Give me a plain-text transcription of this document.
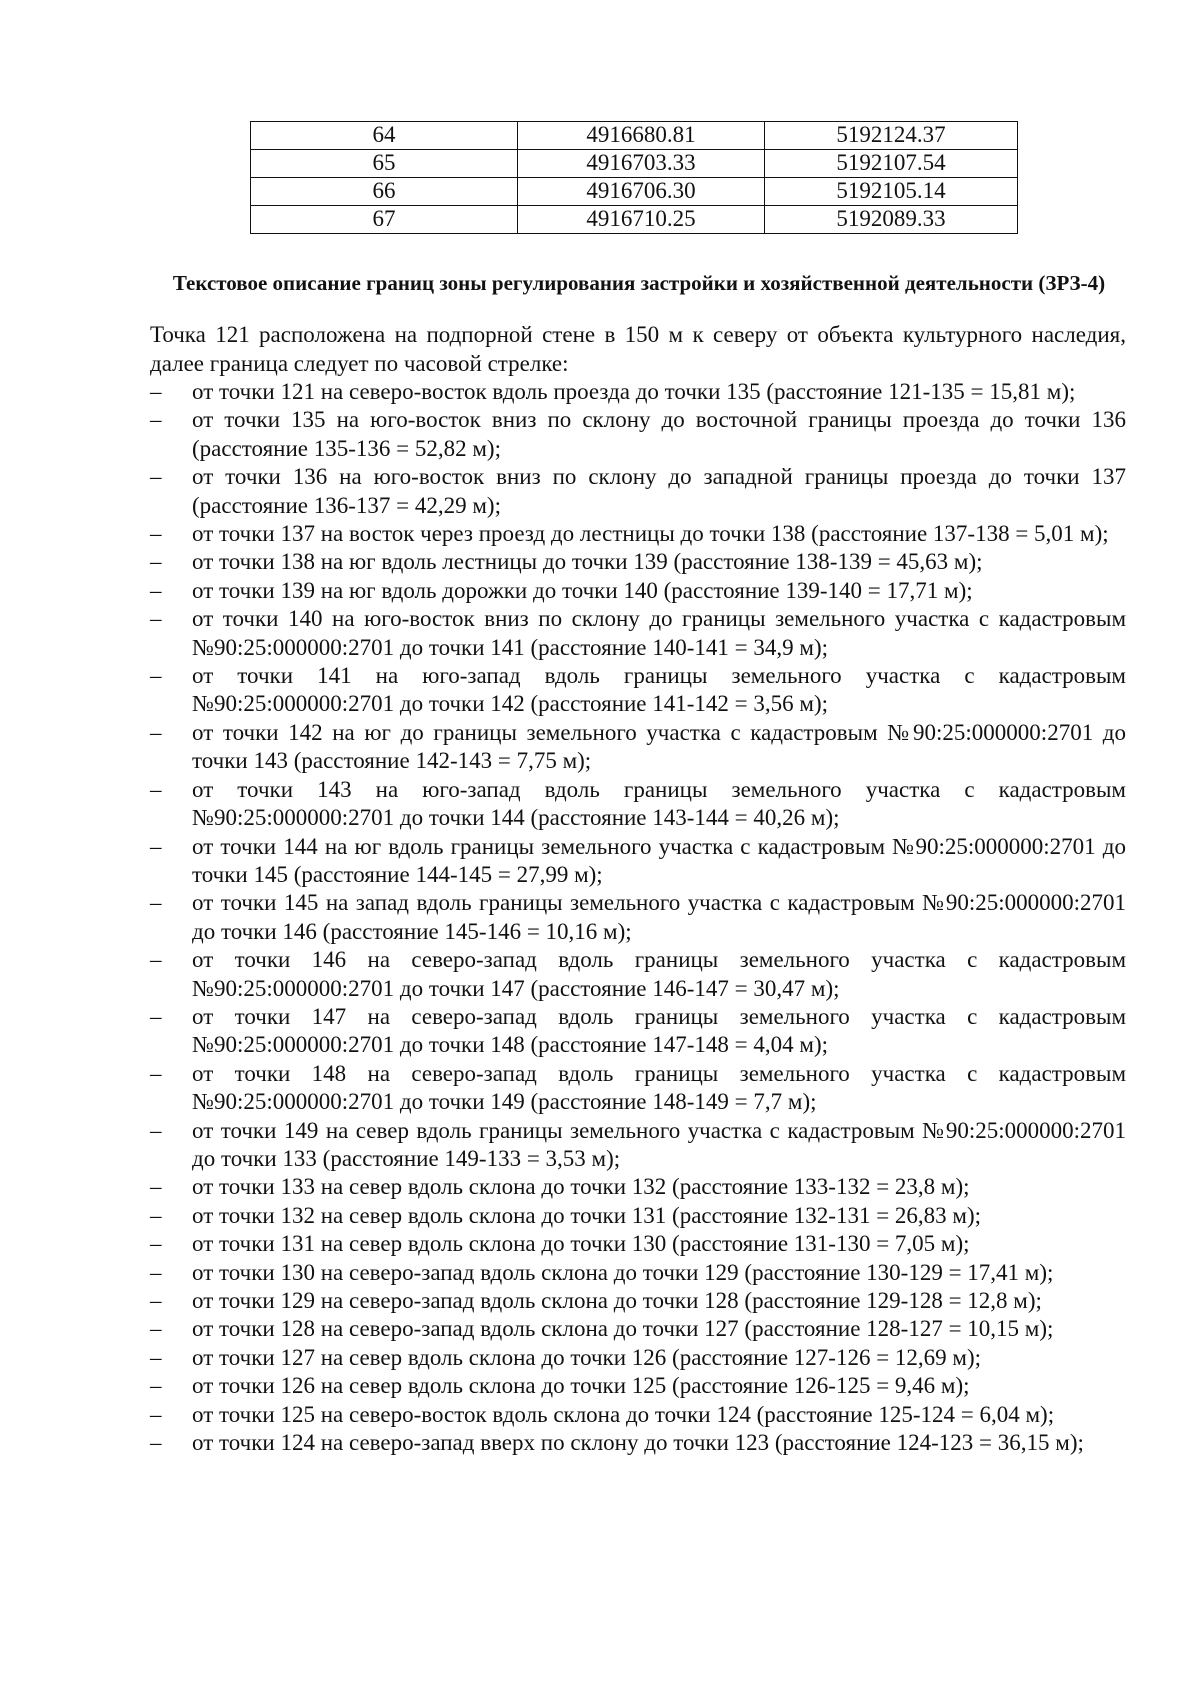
64	4916680.81	5192124.37
65	4916703.33	5192107.54
66	4916706.30	5192105.14
67	4916710.25	5192089.33
Текстовое описание границ зоны регулирования застройки и хозяйственной деятельности (ЗРЗ-4)
Точка 121 расположена на подпорной стене в 150 м к северу от объекта культурного наследия, далее граница следует по часовой стрелке:
– от точки 121 на северо-восток вдоль проезда до точки 135 (расстояние 121-135 = 15,81 м);
– от точки 135 на юго-восток вниз по склону до восточной границы проезда до точки 136 (расстояние 135-136 = 52,82 м);
– от точки 136 на юго-восток вниз по склону до западной границы проезда до точки 137 (расстояние 136-137 = 42,29 м);
– от точки 137 на восток через проезд до лестницы до точки 138 (расстояние 137-138 = 5,01 м);
– от точки 138 на юг вдоль лестницы до точки 139 (расстояние 138-139 = 45,63 м);
– от точки 139 на юг вдоль дорожки до точки 140 (расстояние 139-140 = 17,71 м);
– от точки 140 на юго-восток вниз по склону до границы земельного участка с кадастровым №90:25:000000:2701 до точки 141 (расстояние 140-141 = 34,9 м);
– от точки 141 на юго-запад вдоль границы земельного участка с кадастровым №90:25:000000:2701 до точки 142 (расстояние 141-142 = 3,56 м);
– от точки 142 на юг до границы земельного участка с кадастровым №90:25:000000:2701 до точки 143 (расстояние 142-143 = 7,75 м);
– от точки 143 на юго-запад вдоль границы земельного участка с кадастровым №90:25:000000:2701 до точки 144 (расстояние 143-144 = 40,26 м);
– от точки 144 на юг вдоль границы земельного участка с кадастровым №90:25:000000:2701 до точки 145 (расстояние 144-145 = 27,99 м);
– от точки 145 на запад вдоль границы земельного участка с кадастровым №90:25:000000:2701 до точки 146 (расстояние 145-146 = 10,16 м);
– от точки 146 на северо-запад вдоль границы земельного участка с кадастровым №90:25:000000:2701 до точки 147 (расстояние 146-147 = 30,47 м);
– от точки 147 на северо-запад вдоль границы земельного участка с кадастровым №90:25:000000:2701 до точки 148 (расстояние 147-148 = 4,04 м);
– от точки 148 на северо-запад вдоль границы земельного участка с кадастровым №90:25:000000:2701 до точки 149 (расстояние 148-149 = 7,7 м);
– от точки 149 на север вдоль границы земельного участка с кадастровым №90:25:000000:2701 до точки 133 (расстояние 149-133 = 3,53 м);
– от точки 133 на север вдоль склона до точки 132 (расстояние 133-132 = 23,8 м);
– от точки 132 на север вдоль склона до точки 131 (расстояние 132-131 = 26,83 м);
– от точки 131 на север вдоль склона до точки 130 (расстояние 131-130 = 7,05 м);
– от точки 130 на северо-запад вдоль склона до точки 129 (расстояние 130-129 = 17,41 м);
– от точки 129 на северо-запад вдоль склона до точки 128 (расстояние 129-128 = 12,8 м);
– от точки 128 на северо-запад вдоль склона до точки 127 (расстояние 128-127 = 10,15 м);
– от точки 127 на север вдоль склона до точки 126 (расстояние 127-126 = 12,69 м);
– от точки 126 на север вдоль склона до точки 125 (расстояние 126-125 = 9,46 м);
– от точки 125 на северо-восток вдоль склона до точки 124 (расстояние 125-124 = 6,04 м);
– от точки 124 на северо-запад вверх по склону до точки 123 (расстояние 124-123 = 36,15 м);
